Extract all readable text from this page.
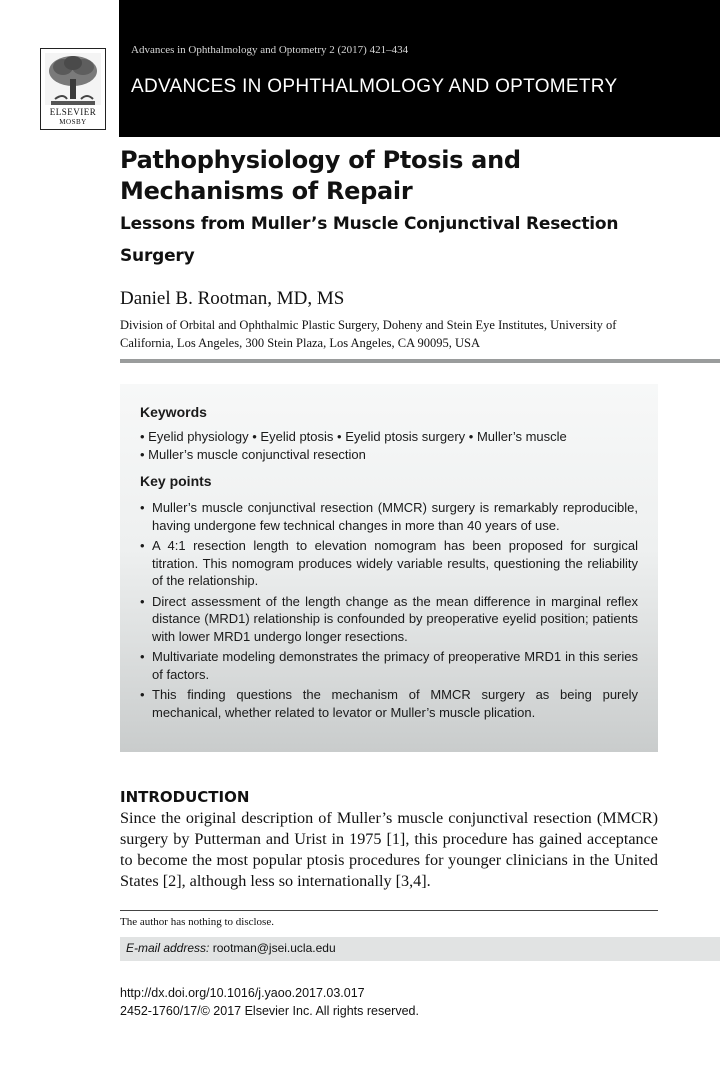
ELSEVIER
MOSBY
Advances in Ophthalmology and Optometry 2 (2017) 421–434
ADVANCES IN OPHTHALMOLOGY AND OPTOMETRY
Pathophysiology of Ptosis and
Mechanisms of Repair
Lessons from Muller’s Muscle Conjunctival Resection
Surgery
Daniel B. Rootman, MD, MS
Division of Orbital and Ophthalmic Plastic Surgery, Doheny and Stein Eye Institutes, University of
California, Los Angeles, 300 Stein Plaza, Los Angeles, CA 90095, USA
Keywords
• Eyelid physiology • Eyelid ptosis • Eyelid ptosis surgery • Muller’s muscle
• Muller’s muscle conjunctival resection
Key points
• Muller’s muscle conjunctival resection (MMCR) surgery is remarkably reproducible, having undergone few technical changes in more than 40 years of use.
• A 4:1 resection length to elevation nomogram has been proposed for surgical titration. This nomogram produces widely variable results, questioning the reliability of the relationship.
• Direct assessment of the length change as the mean difference in marginal reflex distance (MRD1) relationship is confounded by preoperative eyelid position; patients with lower MRD1 undergo longer resections.
• Multivariate modeling demonstrates the primacy of preoperative MRD1 in this series of factors.
• This finding questions the mechanism of MMCR surgery as being purely mechanical, whether related to levator or Muller’s muscle plication.
INTRODUCTION
Since the original description of Muller’s muscle conjunctival resection (MMCR) surgery by Putterman and Urist in 1975 [1], this procedure has gained acceptance to become the most popular ptosis procedures for younger clinicians in the United States [2], although less so internationally [3,4].
The author has nothing to disclose.
E-mail address: rootman@jsei.ucla.edu
http://dx.doi.org/10.1016/j.yaoo.2017.03.017
2452-1760/17/© 2017 Elsevier Inc. All rights reserved.
